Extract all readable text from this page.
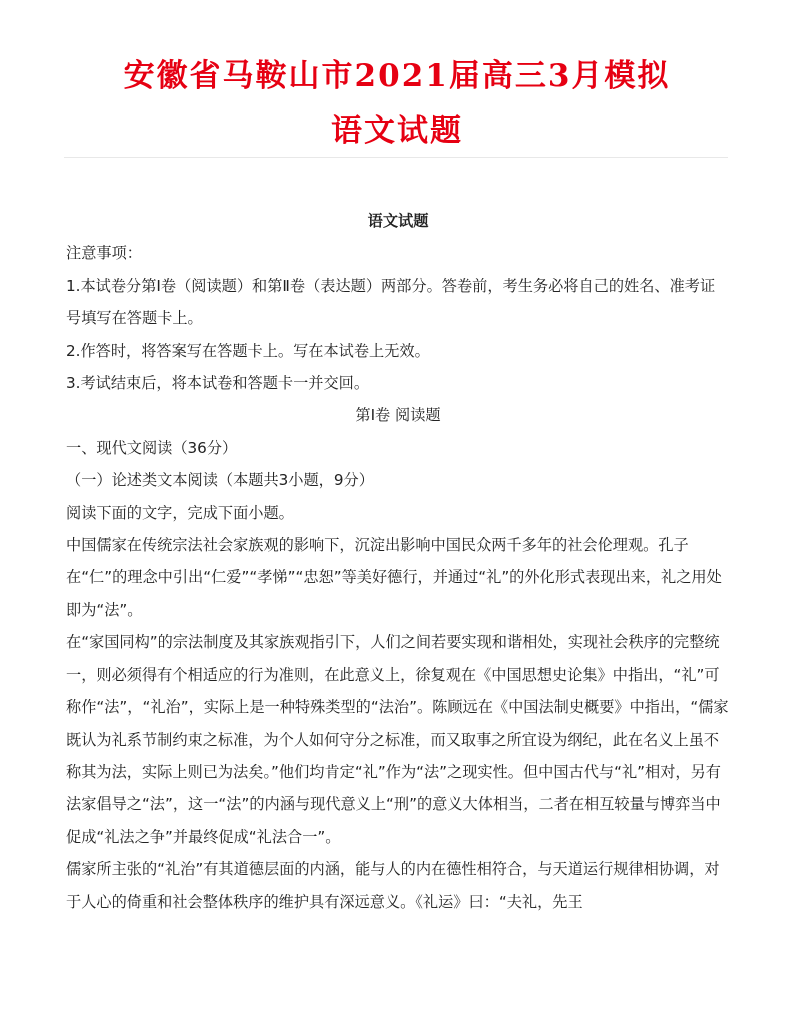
安徽省马鞍山市2021届高三3月模拟
语文试题

语文试题

注意事项：

1.本试卷分第Ⅰ卷（阅读题）和第Ⅱ卷（表达题）两部分。答卷前，考生务必将自己的姓名、准考证号填写在答题卡上。

2.作答时，将答案写在答题卡上。写在本试卷上无效。

3.考试结束后，将本试卷和答题卡一并交回。

第Ⅰ卷 阅读题

一、现代文阅读（36分）

（一）论述类文本阅读（本题共3小题，9分）

阅读下面的文字，完成下面小题。

中国儒家在传统宗法社会家族观的影响下，沉淀出影响中国民众两千多年的社会伦理观。孔子在“仁”的理念中引出“仁爱”“孝悌”“忠恕”等美好德行，并通过“礼”的外化形式表现出来，礼之用处即为“法”。

在“家国同构”的宗法制度及其家族观指引下，人们之间若要实现和谐相处，实现社会秩序的完整统一，则必须得有个相适应的行为准则，在此意义上，徐复观在《中国思想史论集》中指出，“礼”可称作“法”，“礼治”，实际上是一种特殊类型的“法治”。陈顾远在《中国法制史概要》中指出，“儒家既认为礼系节制约束之标准，为个人如何守分之标准，而又取事之所宜设为纲纪，此在名义上虽不称其为法，实际上则已为法矣。”他们均肯定“礼”作为“法”之现实性。但中国古代与“礼”相对，另有法家倡导之“法”，这一“法”的内涵与现代意义上“刑”的意义大体相当，二者在相互较量与博弈当中促成“礼法之争”并最终促成“礼法合一”。

儒家所主张的“礼治”有其道德层面的内涵，能与人的内在德性相符合，与天道运行规律相协调，对于人心的倚重和社会整体秩序的维护具有深远意义。《礼运》曰：“夫礼，先王
